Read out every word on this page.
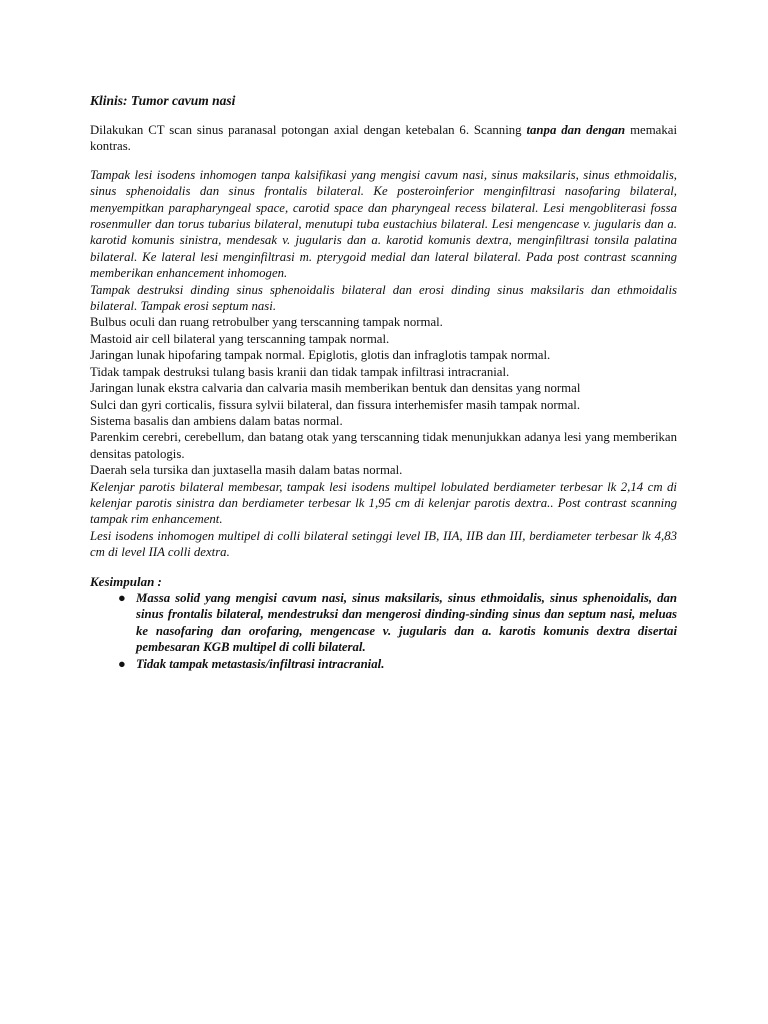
Klinis: Tumor cavum nasi

Dilakukan CT scan sinus paranasal potongan axial dengan ketebalan 6. Scanning tanpa dan dengan memakai kontras.

Tampak lesi isodens inhomogen tanpa kalsifikasi yang mengisi cavum nasi, sinus maksilaris, sinus ethmoidalis, sinus sphenoidalis dan sinus frontalis bilateral. Ke posteroinferior menginfiltrasi nasofaring bilateral, menyempitkan parapharyngeal space, carotid space dan pharyngeal recess bilateral. Lesi mengobliterasi fossa rosenmuller dan torus tubarius bilateral, menutupi tuba eustachius bilateral. Lesi mengencase v. jugularis dan a. karotid komunis sinistra, mendesak v. jugularis dan a. karotid komunis dextra, menginfiltrasi tonsila palatina bilateral. Ke lateral lesi menginfiltrasi m. pterygoid medial dan lateral bilateral. Pada post contrast scanning memberikan enhancement inhomogen.

Tampak destruksi dinding sinus sphenoidalis bilateral dan erosi dinding sinus maksilaris dan ethmoidalis bilateral. Tampak erosi septum nasi.

Bulbus oculi dan ruang retrobulber yang terscanning tampak normal.

Mastoid air cell bilateral yang terscanning tampak normal.

Jaringan lunak hipofaring tampak normal. Epiglotis, glotis dan infraglotis tampak normal.

Tidak tampak destruksi tulang basis kranii dan tidak tampak infiltrasi intracranial.

Jaringan lunak ekstra calvaria dan calvaria masih memberikan bentuk dan densitas yang normal

Sulci dan gyri corticalis, fissura sylvii bilateral, dan fissura interhemisfer masih tampak normal.

Sistema basalis dan ambiens dalam batas normal.

Parenkim cerebri, cerebellum, dan batang otak yang terscanning tidak menunjukkan adanya lesi yang memberikan densitas patologis.

Daerah sela tursika dan juxtasella masih dalam batas normal.

Kelenjar parotis bilateral membesar, tampak lesi isodens multipel lobulated berdiameter terbesar lk 2,14 cm di kelenjar parotis sinistra dan berdiameter terbesar lk 1,95 cm di kelenjar parotis dextra.. Post contrast scanning tampak rim enhancement.

Lesi isodens inhomogen multipel di colli bilateral setinggi level IB, IIA, IIB dan III, berdiameter terbesar lk 4,83 cm di level IIA colli dextra.

Kesimpulan :

● Massa solid yang mengisi cavum nasi, sinus maksilaris, sinus ethmoidalis, sinus sphenoidalis, dan sinus frontalis bilateral, mendestruksi dan mengerosi dinding-sinding sinus dan septum nasi, meluas ke nasofaring dan orofaring, mengencase v. jugularis dan a. karotis komunis dextra disertai pembesaran KGB multipel di colli bilateral.
● Tidak tampak metastasis/infiltrasi intracranial.
